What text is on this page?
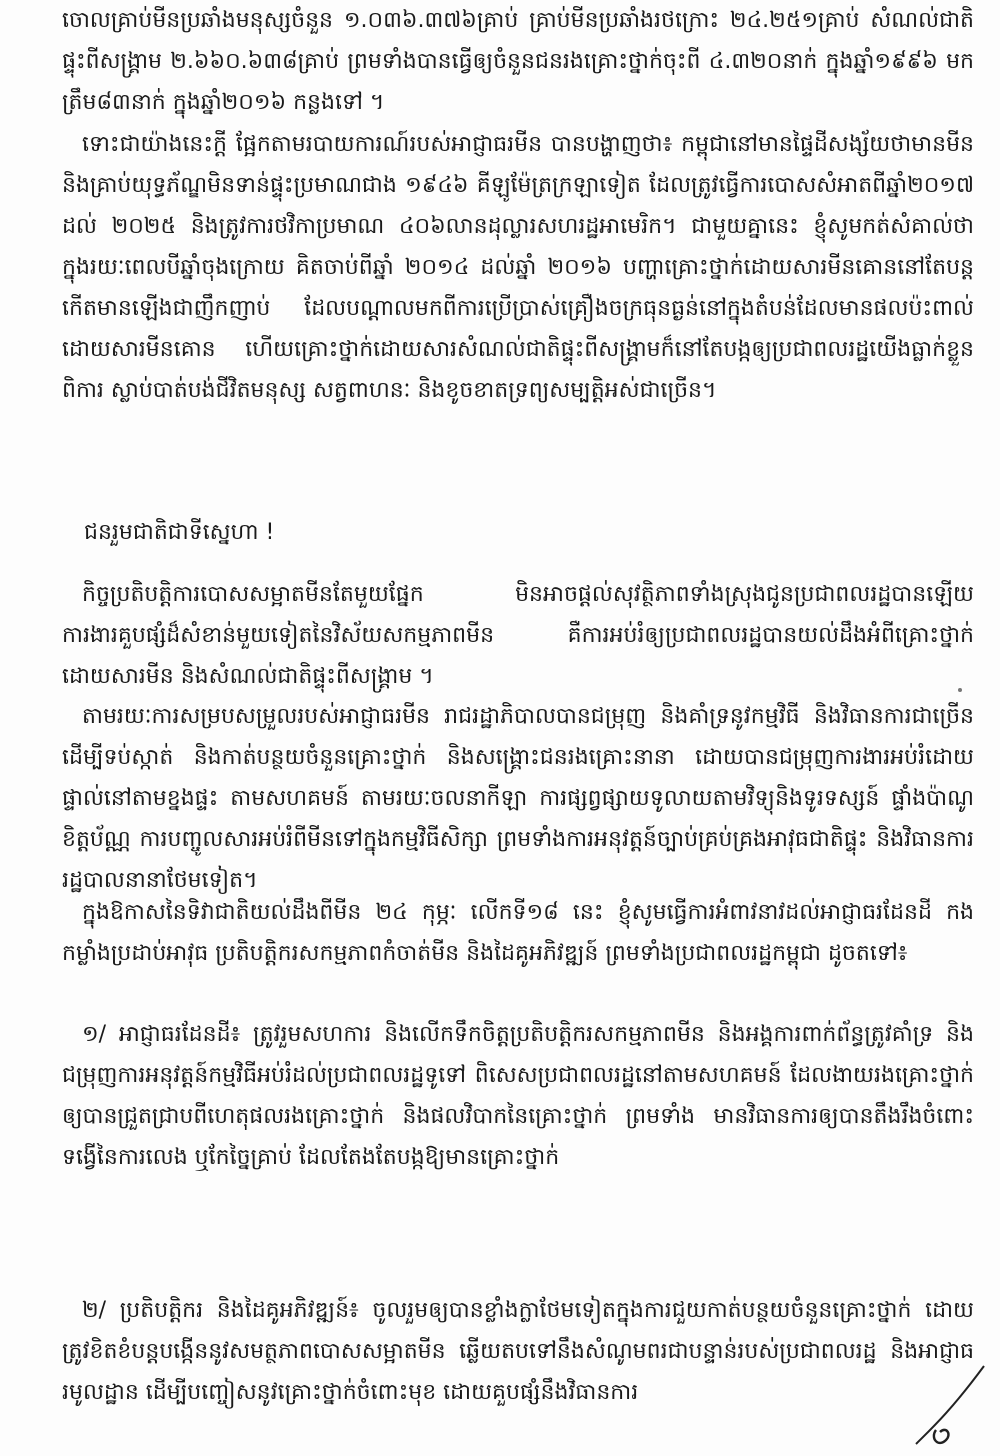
ចោលគ្រាប់មីនប្រឆាំងមនុស្សចំនួន ១.០៣៦.៣៧៦គ្រាប់ គ្រាប់មីនប្រឆាំងរថក្រោះ ២៤.២៥១គ្រាប់ សំណល់ជាតិផ្ទុះពីសង្គ្រាម ២.៦៦០.៦៣៨គ្រាប់ ព្រមទាំងបានធ្វើឲ្យចំនួនជនរងគ្រោះថ្នាក់ចុះពី ៤.៣២០នាក់ ក្នុងឆ្នាំ១៩៩៦ មកត្រឹម៨៣នាក់ ក្នុងឆ្នាំ២០១៦ កន្លងទៅ ។
ទោះជាយ៉ាងនេះក្តី ផ្អែកតាមរបាយការណ៍របស់អាជ្ញាធរមីន បានបង្ហាញថា៖ កម្ពុជានៅមានផ្ទៃដីសង្ស័យថាមានមីន និងគ្រាប់យុទ្ធភ័ណ្ឌមិនទាន់ផ្ទុះប្រមាណជាង ១៩៤៦ គីឡូម៉ែត្រក្រឡាទៀត ដែលត្រូវធ្វើការបោសសំអាតពីឆ្នាំ២០១៧ ដល់ ២០២៥ និងត្រូវការថវិកាប្រមាណ ៤០៦លានដុល្លារសហរដ្ឋអាមេរិក។ ជាមួយគ្នានេះ ខ្ញុំសូមកត់សំគាល់ថា ក្នុងរយៈពេលបីឆ្នាំចុងក្រោយ គិតចាប់ពីឆ្នាំ ២០១៤ ដល់ឆ្នាំ ២០១៦ បញ្ហាគ្រោះថ្នាក់ដោយសារមីនគោននៅតែបន្តកើតមានឡើងជាញឹកញាប់ ដែលបណ្តាលមកពីការប្រើប្រាស់គ្រឿងចក្រធុនធ្ងន់នៅក្នុងតំបន់ដែលមានផលប៉ះពាល់ដោយសារមីនគោន ហើយគ្រោះថ្នាក់ដោយសារសំណល់ជាតិផ្ទុះពីសង្គ្រាមក៏នៅតែបង្កឲ្យប្រជាពលរដ្ឋយើងធ្លាក់ខ្លួនពិការ ស្លាប់បាត់បង់ជីវិតមនុស្ស សត្វពាហនៈ និងខូចខាតទ្រព្យសម្បត្តិអស់ជាច្រើន។
ជនរួមជាតិជាទីស្នេហា !
កិច្ចប្រតិបត្តិការបោសសម្អាតមីនតែមួយផ្នែក មិនអាចផ្តល់សុវត្ថិភាពទាំងស្រុងជូនប្រជាពលរដ្ឋបានឡើយ ការងារគួបផ្សំដ៏សំខាន់មួយទៀតនៃវិស័យសកម្មភាពមីន គឺការអប់រំឲ្យប្រជាពលរដ្ឋបានយល់ដឹងអំពីគ្រោះថ្នាក់ដោយសារមីន និងសំណល់ជាតិផ្ទុះពីសង្គ្រាម ។
តាមរយៈការសម្របសម្រួលរបស់អាជ្ញាធរមីន រាជរដ្ឋាភិបាលបានជម្រុញ និងគាំទ្រនូវកម្មវិធី និងវិធានការជាច្រើន ដើម្បីទប់ស្កាត់ និងកាត់បន្ថយចំនួនគ្រោះថ្នាក់ និងសង្គ្រោះជនរងគ្រោះនានា ដោយបានជម្រុញការងារអប់រំដោយផ្ទាល់នៅតាមខ្នងផ្ទះ តាមសហគមន៍ តាមរយៈចលនាកីឡា ការផ្សព្វផ្សាយទូលាយតាមវិទ្យុនិងទូរទស្សន៍ ផ្ទាំងប៉ាណូ ខិត្តប័ណ្ណ ការបញ្ចូលសារអប់រំពីមីនទៅក្នុងកម្មវិធីសិក្សា ព្រមទាំងការអនុវត្តន៍ច្បាប់គ្រប់គ្រងអាវុធជាតិផ្ទុះ និងវិធានការរដ្ឋបាលនានាថែមទៀត។
ក្នុងឱកាសនៃទិវាជាតិយល់ដឹងពីមីន ២៤ កុម្ភៈ លើកទី១៨ នេះ ខ្ញុំសូមធ្វើការអំពាវនាវដល់អាជ្ញាធរដែនដី កងកម្លាំងប្រដាប់អាវុធ ប្រតិបត្តិករសកម្មភាពកំចាត់មីន និងដៃគូអភិវឌ្ឍន៍ ព្រមទាំងប្រជាពលរដ្ឋកម្ពុជា ដូចតទៅ៖
១/ អាជ្ញាធរដែនដី៖ ត្រូវរួមសហការ និងលើកទឹកចិត្តប្រតិបត្តិករសកម្មភាពមីន និងអង្គការពាក់ព័ន្ធត្រូវគាំទ្រ និងជម្រុញការអនុវត្តន៍កម្មវិធីអប់រំដល់ប្រជាពលរដ្ឋទូទៅ ពិសេសប្រជាពលរដ្ឋនៅតាមសហគមន៍ ដែលងាយរងគ្រោះថ្នាក់ឲ្យបានជ្រួតជ្រាបពីហេតុផលរងគ្រោះថ្នាក់ និងផលវិបាកនៃគ្រោះថ្នាក់ ព្រមទាំង មានវិធានការឲ្យបានតឹងរឹងចំពោះទង្វើនៃការលេង ឬកែច្នៃគ្រាប់ ដែលតែងតែបង្កឱ្យមានគ្រោះថ្នាក់
២/ ប្រតិបត្តិករ និងដៃគូអភិវឌ្ឍន៍៖ ចូលរួមឲ្យបានខ្លាំងក្លាថែមទៀតក្នុងការជួយកាត់បន្ថយចំនួនគ្រោះថ្នាក់ ដោយត្រូវខិតខំបន្តបង្កើននូវសមត្ថភាពបោសសម្អាតមីន ឆ្លើយតបទៅនឹងសំណូមពរជាបន្ទាន់របស់ប្រជាពលរដ្ឋ និងអាជ្ញាធរមូលដ្ឋាន ដើម្បីបញ្ចៀសនូវគ្រោះថ្នាក់ចំពោះមុខ ដោយគួបផ្សំនឹងវិធានការ
